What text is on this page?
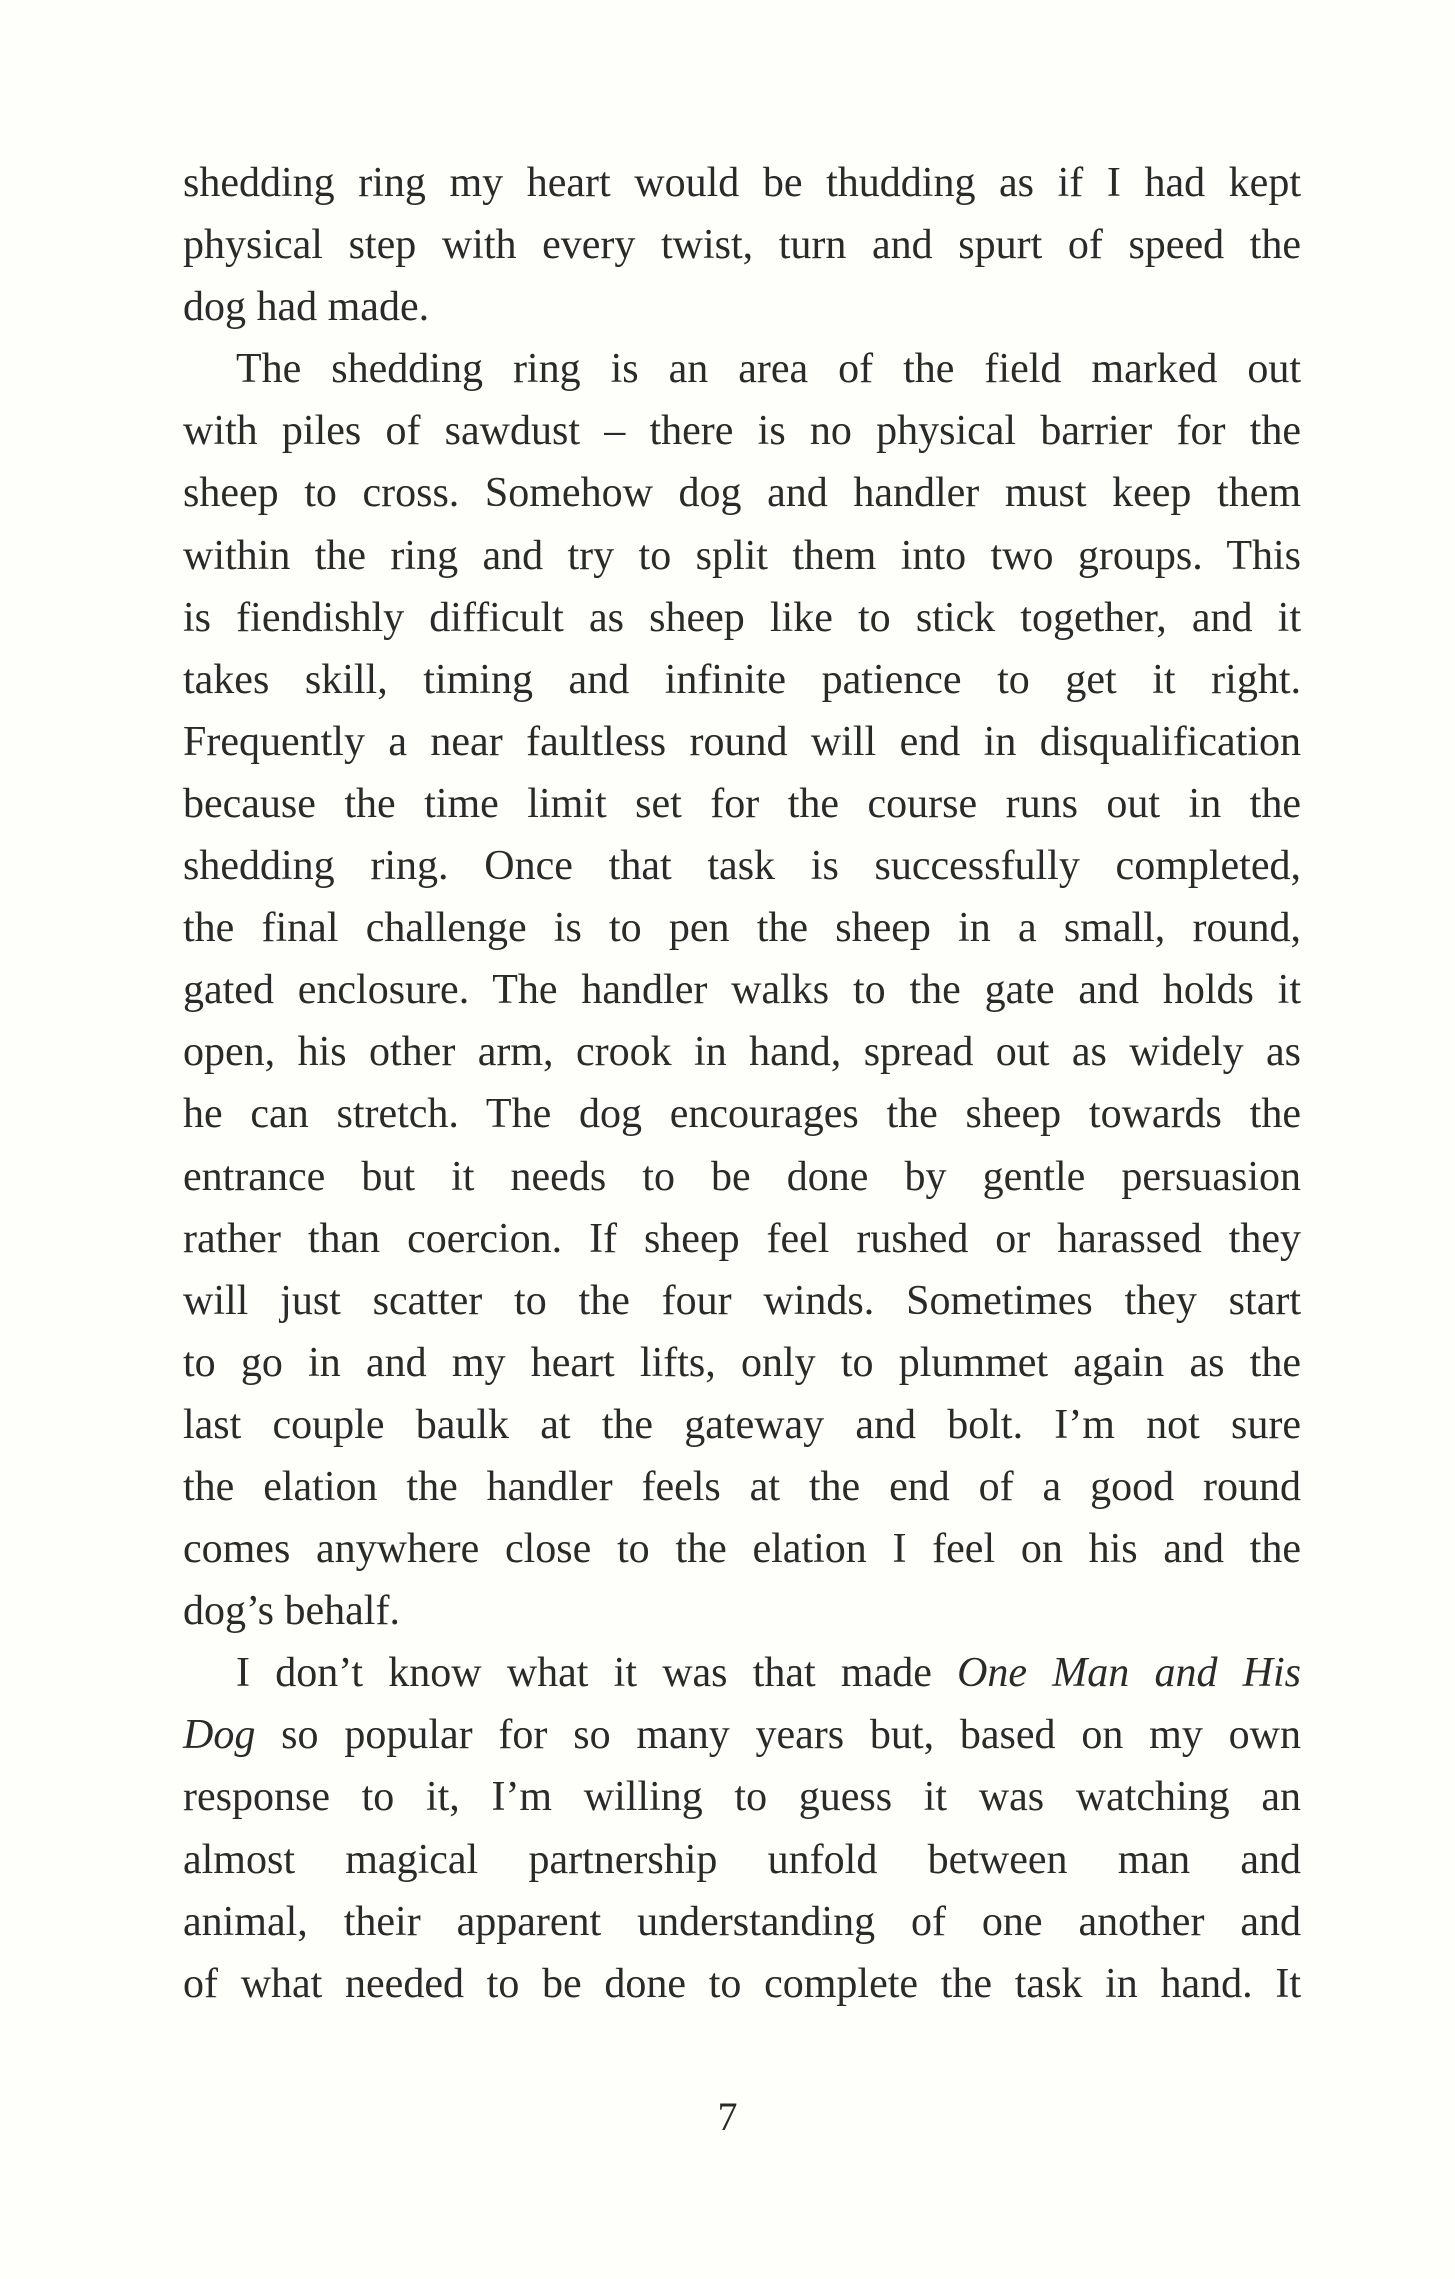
shedding ring my heart would be thudding as if I had kept
physical step with every twist, turn and spurt of speed the
dog had made.
The shedding ring is an area of the field marked out
with piles of sawdust – there is no physical barrier for the
sheep to cross. Somehow dog and handler must keep them
within the ring and try to split them into two groups. This
is fiendishly difficult as sheep like to stick together, and it
takes skill, timing and infinite patience to get it right.
Frequently a near faultless round will end in disqualification
because the time limit set for the course runs out in the
shedding ring. Once that task is successfully completed,
the final challenge is to pen the sheep in a small, round,
gated enclosure. The handler walks to the gate and holds it
open, his other arm, crook in hand, spread out as widely as
he can stretch. The dog encourages the sheep towards the
entrance but it needs to be done by gentle persuasion
rather than coercion. If sheep feel rushed or harassed they
will just scatter to the four winds. Sometimes they start
to go in and my heart lifts, only to plummet again as the
last couple baulk at the gateway and bolt. I’m not sure
the elation the handler feels at the end of a good round
comes anywhere close to the elation I feel on his and the
dog’s behalf.
I don’t know what it was that made One Man and His
Dog so popular for so many years but, based on my own
response to it, I’m willing to guess it was watching an
almost magical partnership unfold between man and
animal, their apparent understanding of one another and
of what needed to be done to complete the task in hand. It
7
